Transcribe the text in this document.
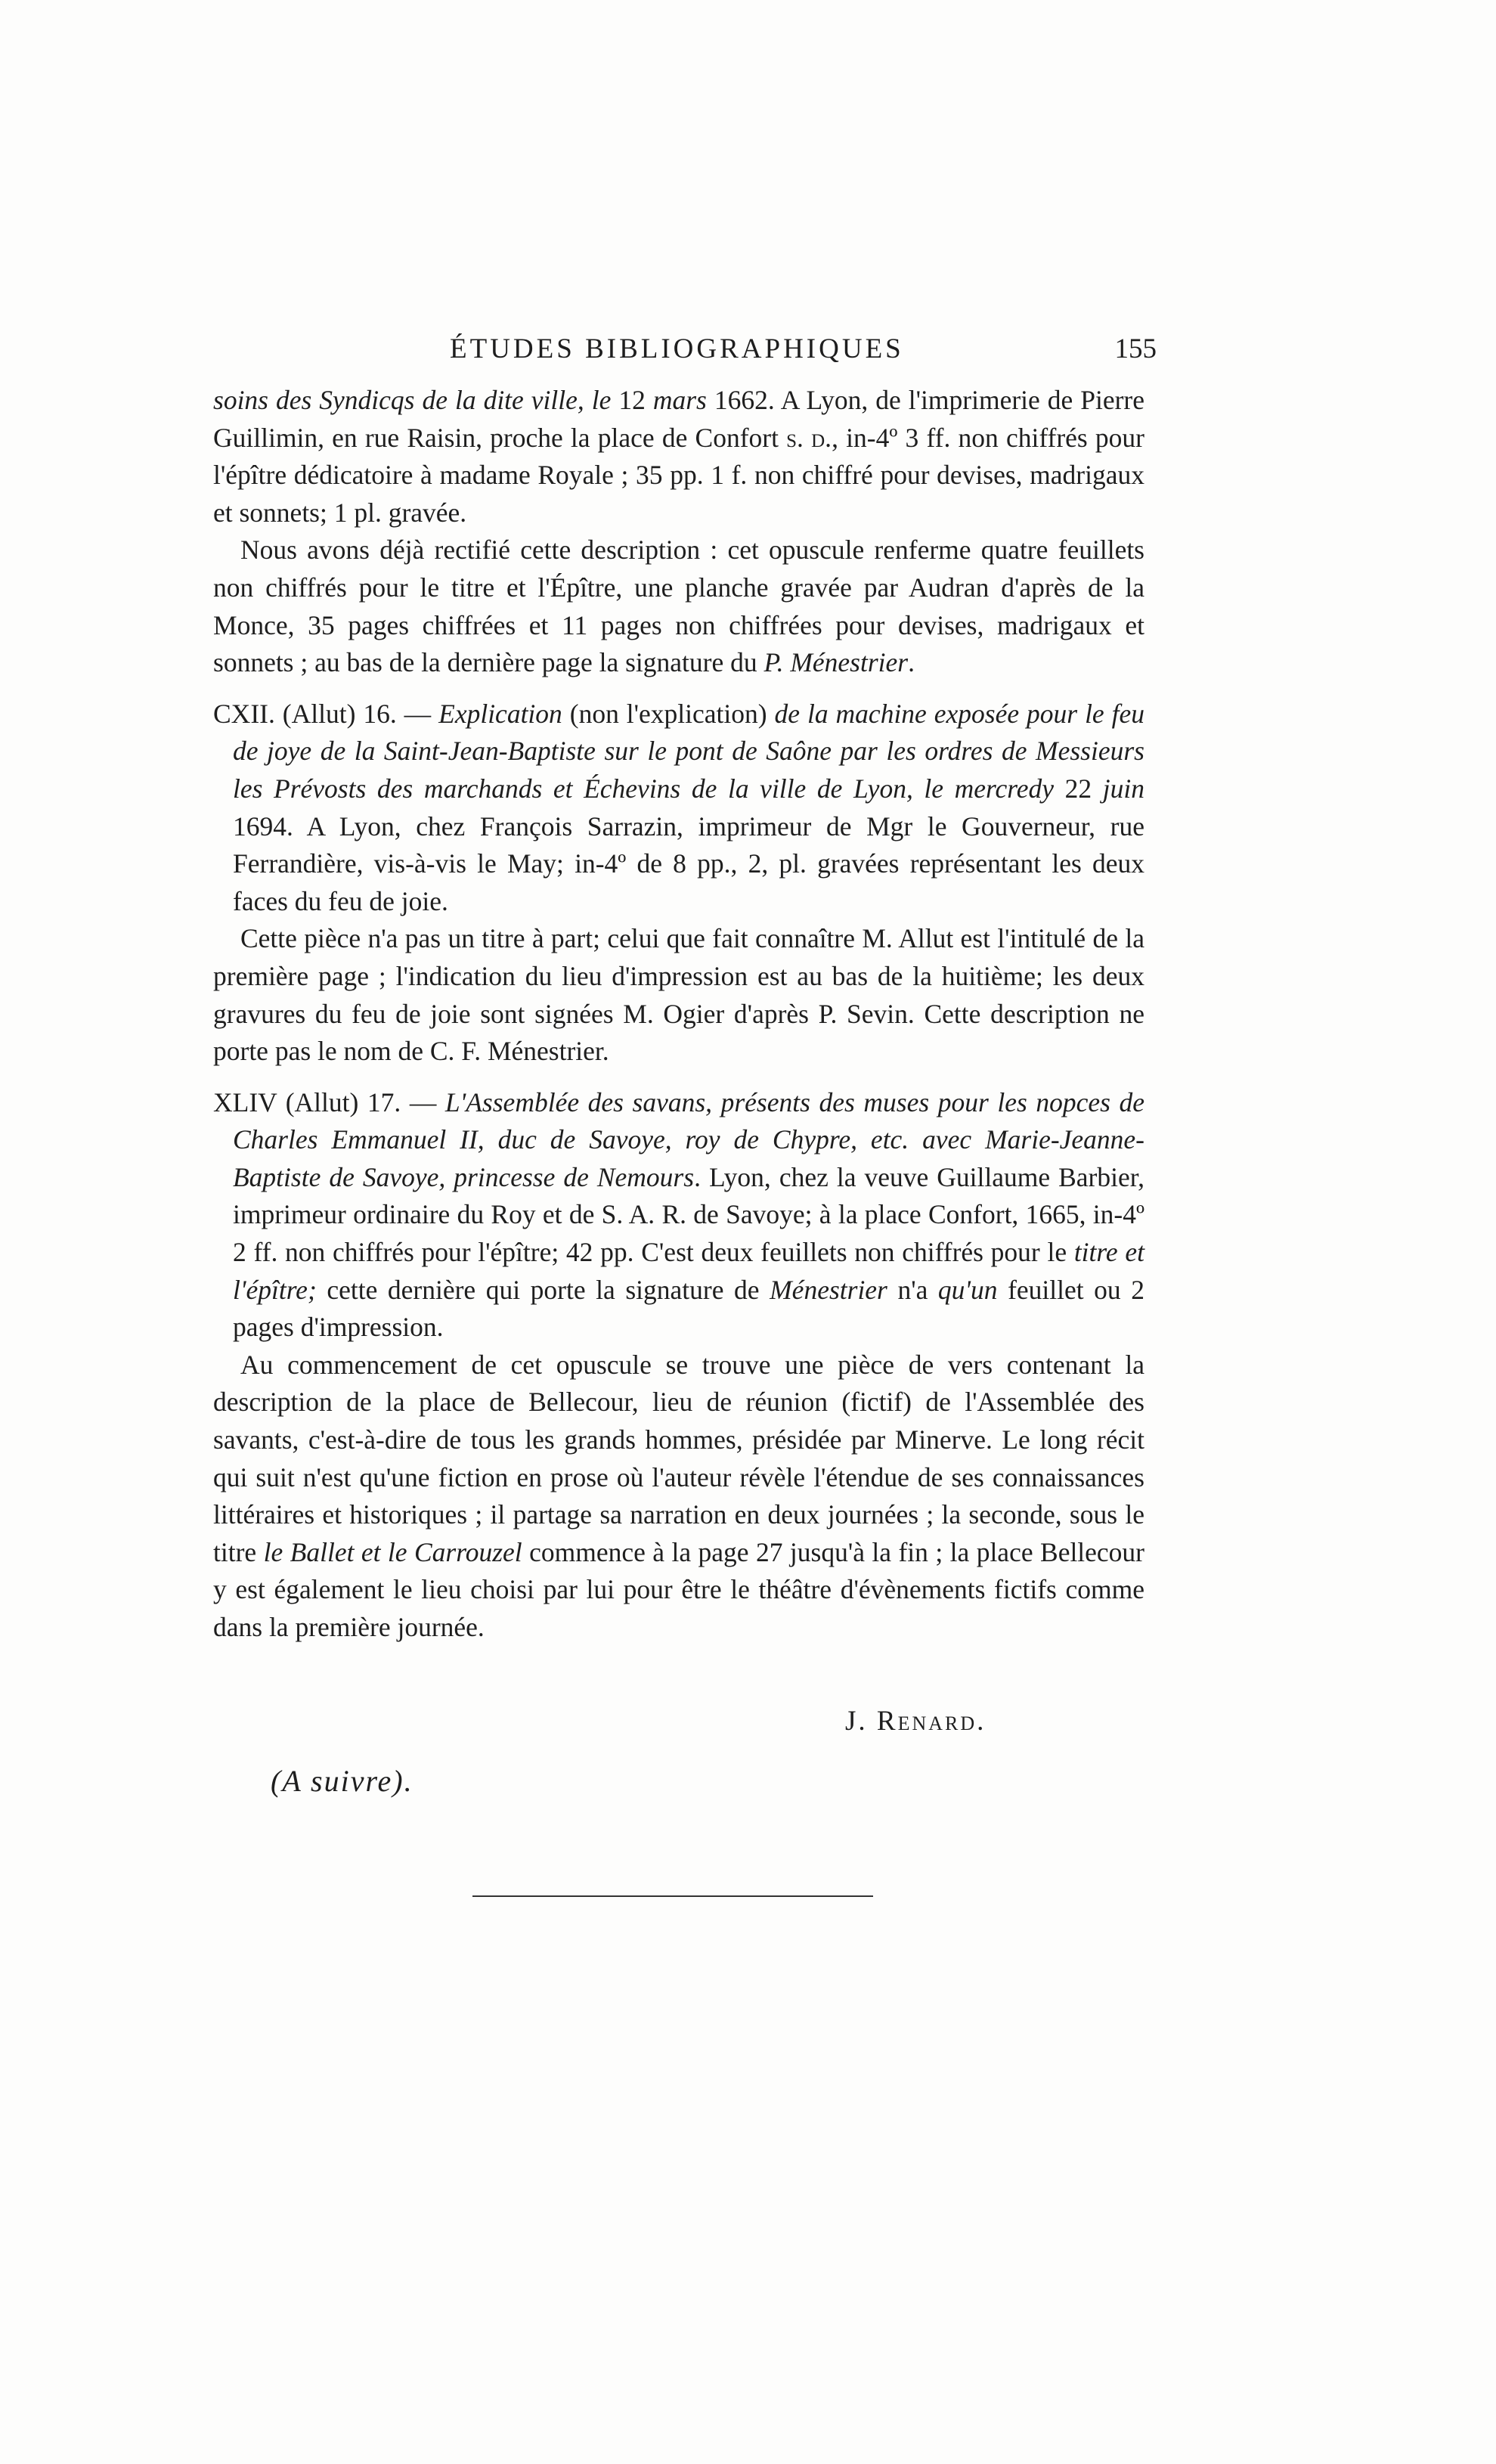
ÉTUDES BIBLIOGRAPHIQUES	155

soins des Syndicqs de la dite ville, le 12 mars 1662. A Lyon, de l'imprimerie de Pierre Guillimin, en rue Raisin, proche la place de Confort s. d., in-4º 3 ff. non chiffrés pour l'épître dédicatoire à madame Royale ; 35 pp. 1 f. non chiffré pour devises, madrigaux et sonnets; 1 pl. gravée.

Nous avons déjà rectifié cette description : cet opuscule renferme quatre feuillets non chiffrés pour le titre et l'Épître, une planche gravée par Audran d'après de la Monce, 35 pages chiffrées et 11 pages non chiffrées pour devises, madrigaux et sonnets ; au bas de la dernière page la signature du P. Ménestrier.

CXII. (Allut) 16. — Explication (non l'explication) de la machine exposée pour le feu de joye de la Saint-Jean-Baptiste sur le pont de Saône par les ordres de Messieurs les Prévosts des marchands et Échevins de la ville de Lyon, le mercredy 22 juin 1694. A Lyon, chez François Sarrazin, imprimeur de Mgr le Gouverneur, rue Ferrandière, vis-à-vis le May; in-4º de 8 pp., 2, pl. gravées représentant les deux faces du feu de joie.

Cette pièce n'a pas un titre à part; celui que fait connaître M. Allut est l'intitulé de la première page ; l'indication du lieu d'impression est au bas de la huitième; les deux gravures du feu de joie sont signées M. Ogier d'après P. Sevin. Cette description ne porte pas le nom de C. F. Ménestrier.

XLIV (Allut) 17. — L'Assemblée des savans, présents des muses pour les nopces de Charles Emmanuel II, duc de Savoye, roy de Chypre, etc. avec Marie-Jeanne-Baptiste de Savoye, princesse de Nemours. Lyon, chez la veuve Guillaume Barbier, imprimeur ordinaire du Roy et de S. A. R. de Savoye; à la place Confort, 1665, in-4º 2 ff. non chiffrés pour l'épître; 42 pp. C'est deux feuillets non chiffrés pour le titre et l'épître; cette dernière qui porte la signature de Ménestrier n'a qu'un feuillet ou 2 pages d'impression.

Au commencement de cet opuscule se trouve une pièce de vers contenant la description de la place de Bellecour, lieu de réunion (fictif) de l'Assemblée des savants, c'est-à-dire de tous les grands hommes, présidée par Minerve. Le long récit qui suit n'est qu'une fiction en prose où l'auteur révèle l'étendue de ses connaissances littéraires et historiques ; il partage sa narration en deux journées ; la seconde, sous le titre le Ballet et le Carrouzel commence à la page 27 jusqu'à la fin ; la place Bellecour y est également le lieu choisi par lui pour être le théâtre d'évènements fictifs comme dans la première journée.

J. Renard.
(A suivre).
